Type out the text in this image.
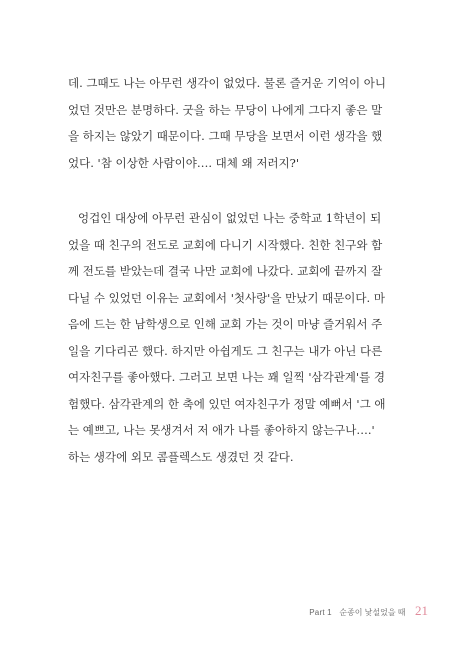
데. 그때도 나는 아무런 생각이 없었다. 물론 즐거운 기억이 아니
었던 것만은 분명하다. 굿을 하는 무당이 나에게 그다지 좋은 말
을 하지는 않았기 때문이다. 그때 무당을 보면서 이런 생각을 했
었다. '참 이상한 사람이야…. 대체 왜 저러지?'
엉겁인 대상에 아무런 관심이 없었던 나는 중학교 1학년이 되
었을 때 친구의 전도로 교회에 다니기 시작했다. 친한 친구와 함
께 전도를 받았는데 결국 나만 교회에 나갔다. 교회에 끝까지 잘
다닐 수 있었던 이유는 교회에서 '첫사랑'을 만났기 때문이다. 마
음에 드는 한 남학생으로 인해 교회 가는 것이 마냥 즐거워서 주
일을 기다리곤 했다. 하지만 아쉽게도 그 친구는 내가 아닌 다른
여자친구를 좋아했다. 그러고 보면 나는 꽤 일찍 '삼각관계'를 경
험했다. 삼각관계의 한 축에 있던 여자친구가 정말 예뻐서 '그 애
는 예쁘고, 나는 못생겨서 저 애가 나를 좋아하지 않는구나….'
하는 생각에 외모 콤플렉스도 생겼던 것 같다.
Part 1 순종이 낯설었을 때 21
